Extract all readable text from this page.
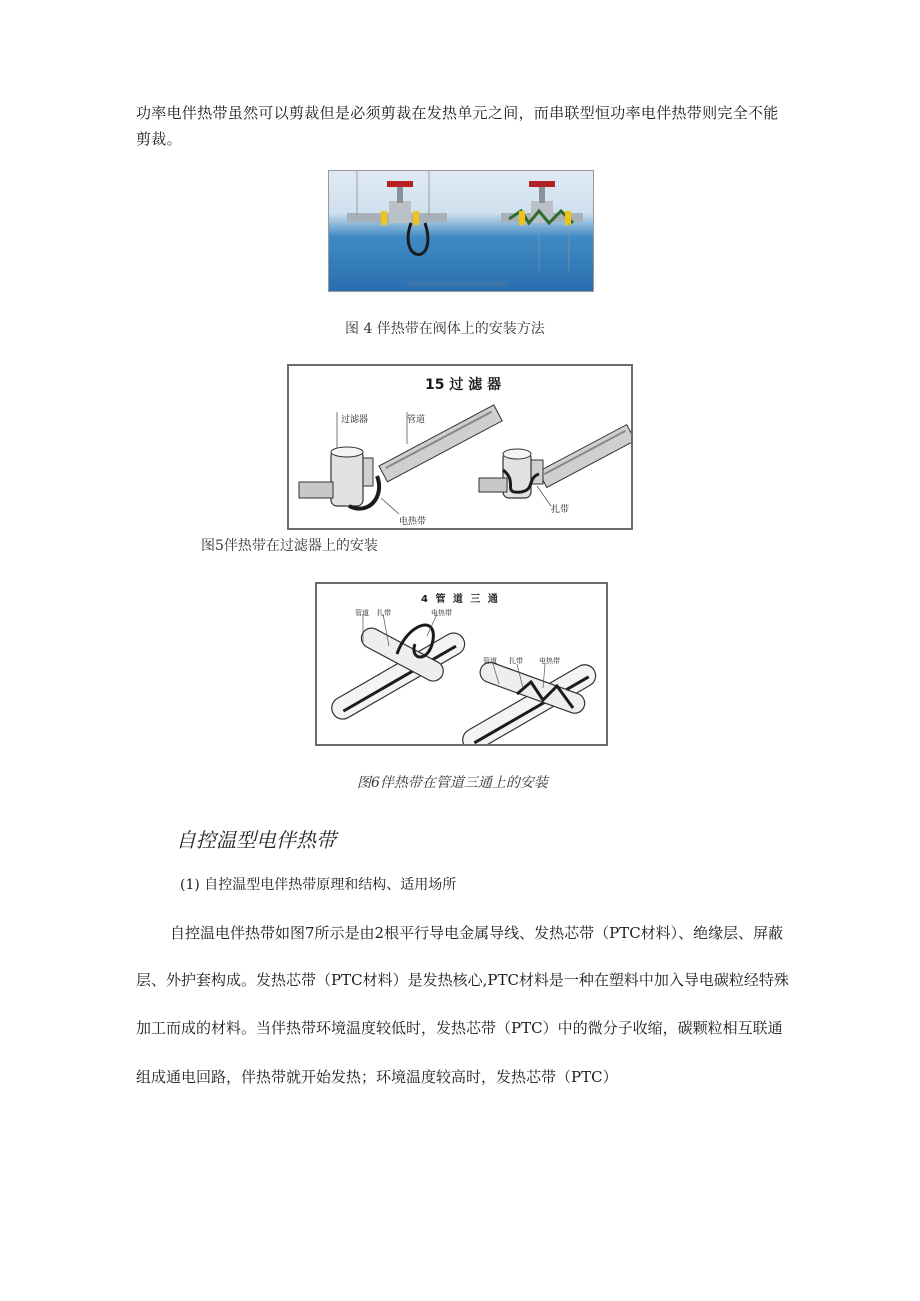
功率电伴热带虽然可以剪裁但是必须剪裁在发热单元之间，而串联型恒功率电伴热带则完全不能
剪裁。
图 4 伴热带在阀体上的安装方法
15 过 滤 器
过滤器	管道
电热带
扎带
图5伴热带在过滤器上的安装
4 管 道 三 通
管道 扎带	电热带
管道 扎带 电热带
图6伴热带在管道三通上的安装
自控温型电伴热带
(1) 自控温型电伴热带原理和结构、适用场所
自控温电伴热带如图7所示是由2根平行导电金属导线、发热芯带（PTC材料）、绝缘层、屏蔽
层、外护套构成。发热芯带（PTC材料）是发热核心,PTC材料是一种在塑料中加入导电碳粒经特殊
加工而成的材料。当伴热带环境温度较低时，发热芯带（PTC）中的微分子收缩，碳颗粒相互联通
组成通电回路，伴热带就开始发热；环境温度较高时，发热芯带（PTC）
